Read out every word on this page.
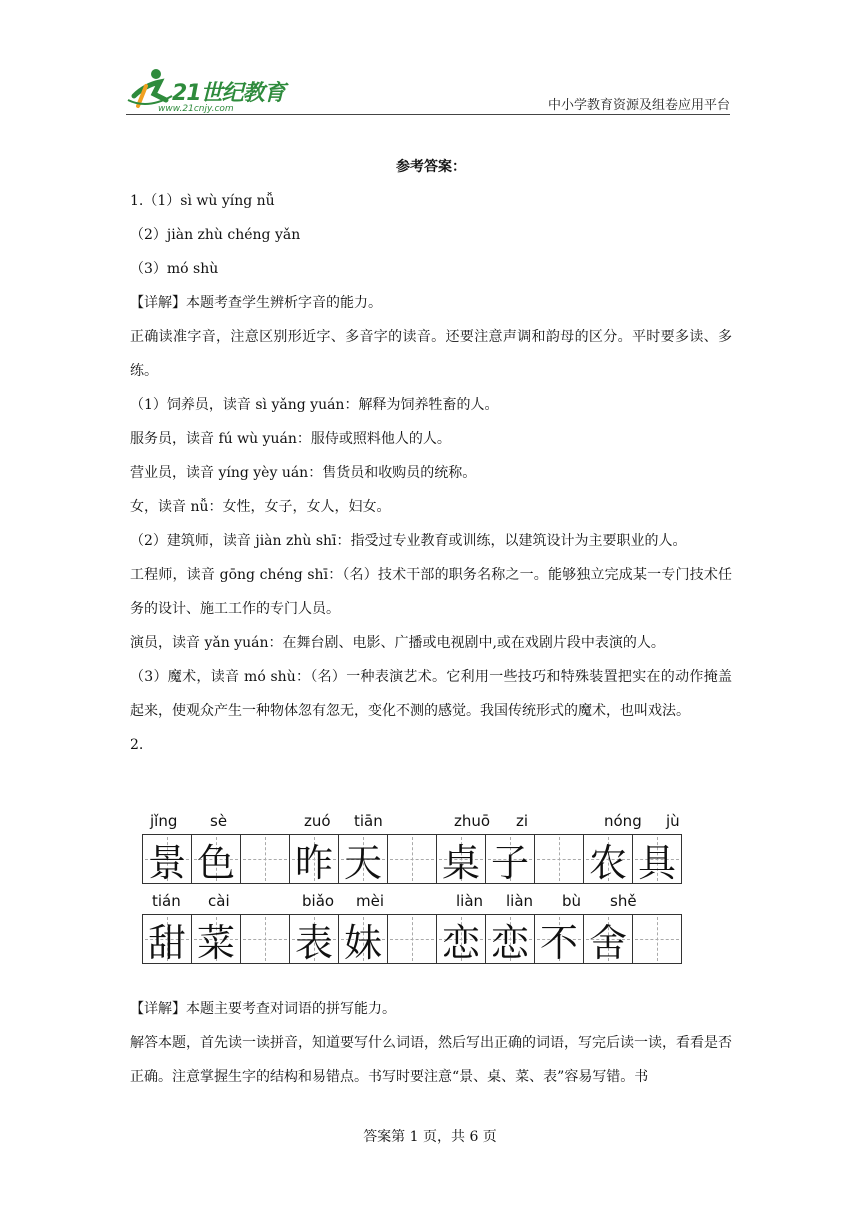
21世纪教育
www.21cnjy.com	中小学教育资源及组卷应用平台
参考答案：
1.（1）sì wù yíng nǚ
（2）jiàn zhù chéng yǎn
（3）mó shù
【详解】本题考查学生辨析字音的能力。
正确读准字音，注意区别形近字、多音字的读音。还要注意声调和韵母的区分。平时要多读、多练。
（1）饲养员，读音 sì yǎng yuán：解释为饲养牲畜的人。
服务员，读音 fú wù yuán：服侍或照料他人的人。
营业员，读音 yíng yèy uán：售货员和收购员的统称。
女，读音 nǚ：女性，女子，女人，妇女。
（2）建筑师，读音 jiàn zhù shī：指受过专业教育或训练，以建筑设计为主要职业的人。
工程师，读音 gōng chéng shī：（名）技术干部的职务名称之一。能够独立完成某一专门技术任务的设计、施工工作的专门人员。
演员，读音 yǎn yuán：在舞台剧、电影、广播或电视剧中,或在戏剧片段中表演的人。
（3）魔术，读音 mó shù：（名）一种表演艺术。它利用一些技巧和特殊装置把实在的动作掩盖起来，使观众产生一种物体忽有忽无，变化不测的感觉。我国传统形式的魔术，也叫戏法。
2.
jǐng sè	zuó tiān	zhuō zi	nóng jù
景 色 昨 天 桌 子 农 具
tián cài	biǎo mèi	liàn liàn bù shě
甜 菜 表 妹 恋 恋 不 舍
【详解】本题主要考查对词语的拼写能力。
解答本题，首先读一读拼音，知道要写什么词语，然后写出正确的词语，写完后读一读，看看是否正确。注意掌握生字的结构和易错点。书写时要注意“景、桌、菜、表”容易写错。书
答案第 1 页，共 6 页
